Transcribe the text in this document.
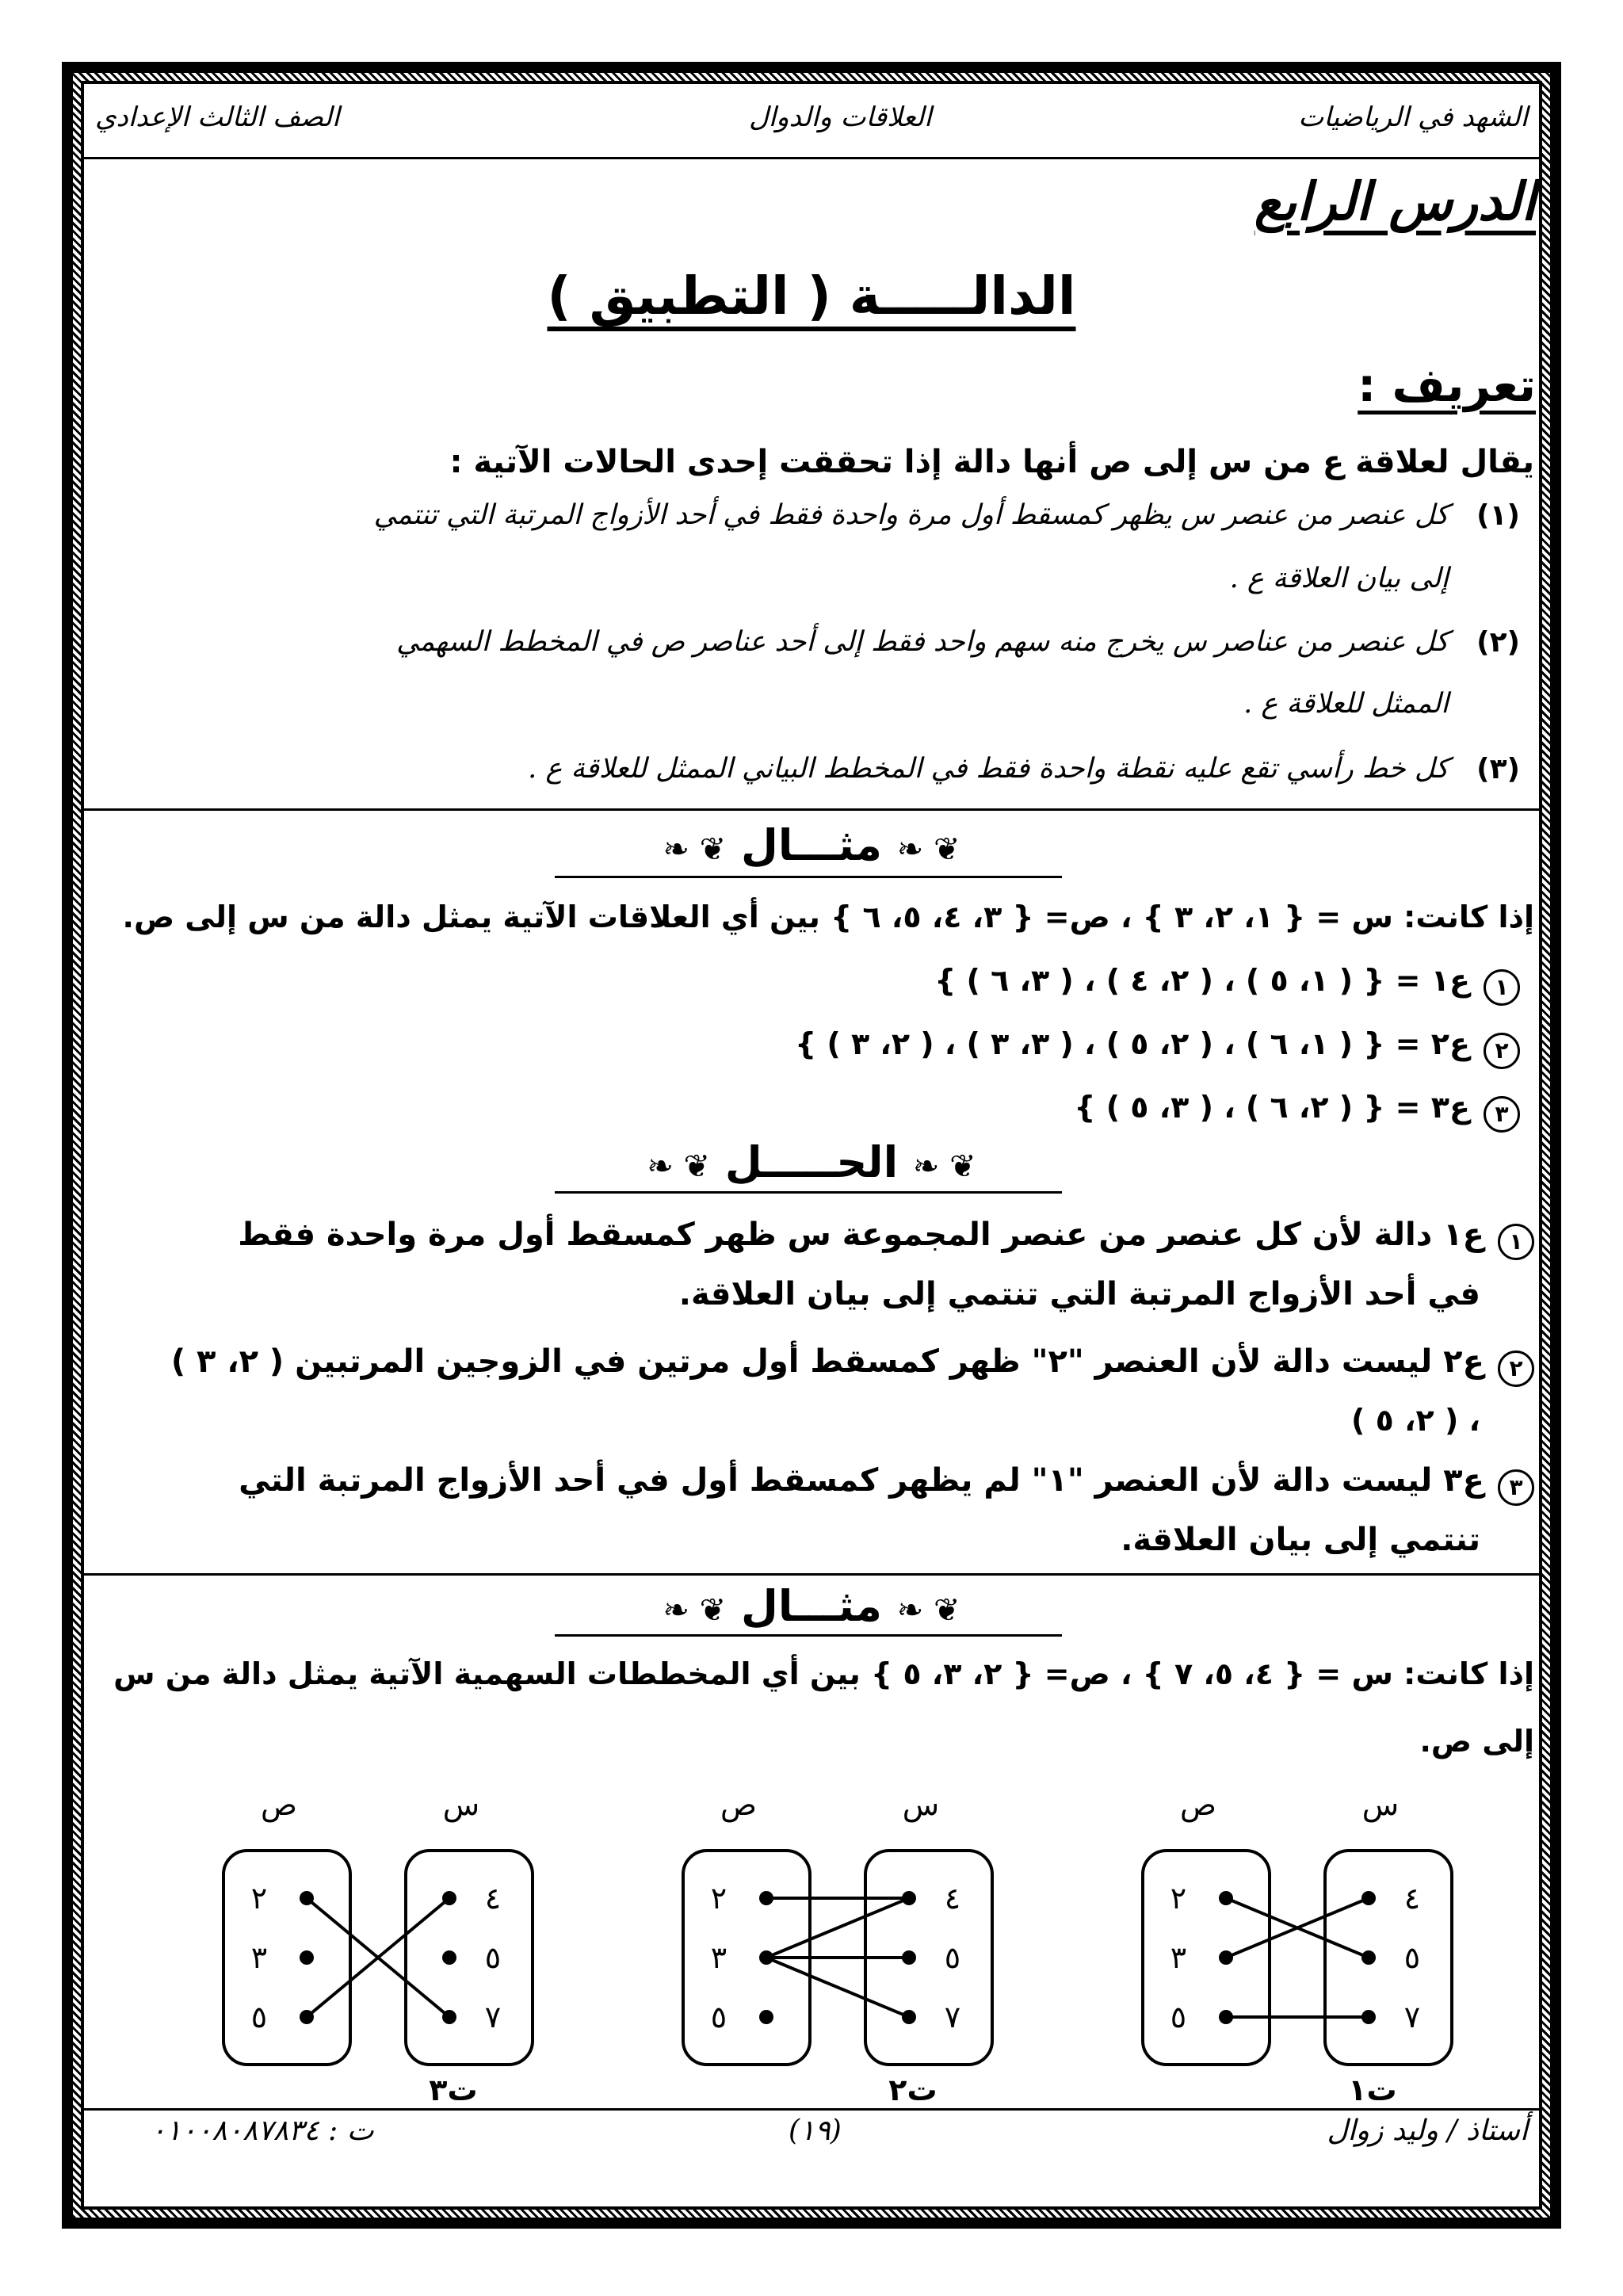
الشهد في الرياضيات
العلاقات والدوال
الصف الثالث الإعدادي
الدرس الرابع
الدالـــــة ( التطبيق )
تعريف :
يقال لعلاقة ع من س إلى ص أنها دالة إذا تحققت إحدى الحالات الآتية :
(١)
كل عنصر من عنصر س يظهر كمسقط أول مرة واحدة فقط في أحد الأزواج المرتبة التي تنتمي
إلى بيان العلاقة ع .
(٢)
كل عنصر من عناصر س يخرج منه سهم واحد فقط إلى أحد عناصر ص في المخطط السهمي
الممثل للعلاقة ع .
(٣)
كل خط رأسي تقع عليه نقطة واحدة فقط في المخطط البياني الممثل للعلاقة ع .
❦ ❧ مثـــال ❦ ❧
إذا كانت: س = { ١، ٢، ٣ } ، ص= { ٣، ٤، ٥، ٦ } بين أي العلاقات الآتية يمثل دالة من س إلى ص.
١ ع١ = { ( ١، ٥ ) ، ( ٢، ٤ ) ، ( ٣، ٦ ) }
٢ ع٢ = { ( ١، ٦ ) ، ( ٢، ٥ ) ، ( ٣، ٣ ) ، ( ٢، ٣ ) }
٣ ع٣ = { ( ٢، ٦ ) ، ( ٣، ٥ ) }
❦ ❧ الحـــــل ❦ ❧
١ ع١ دالة لأن كل عنصر من عنصر المجموعة س ظهر كمسقط أول مرة واحدة فقط
في أحد الأزواج المرتبة التي تنتمي إلى بيان العلاقة.
٢ ع٢ ليست دالة لأن العنصر "٢" ظهر كمسقط أول مرتين في الزوجين المرتبين ( ٢، ٣ )
، ( ٢، ٥ )
٣ ع٣ ليست دالة لأن العنصر "١" لم يظهر كمسقط أول في أحد الأزواج المرتبة التي
تنتمي إلى بيان العلاقة.
❦ ❧ مثـــال ❦ ❧
إذا كانت: س = { ٤، ٥، ٧ } ، ص= { ٢، ٣، ٥ } بين أي المخططات السهمية الآتية يمثل دالة من س
إلى ص.
ص	س
٢
٣
٥
٤
٥
٧
ت١
ص	س
٢
٣
٥
٤
٥
٧
ت٢
ص	س
٢
٣
٥
٤
٥
٧
ت٣
أستاذ / وليد زوال
(١٩)
ت : ٠١٠٠٨٠٨٧٨٣٤
